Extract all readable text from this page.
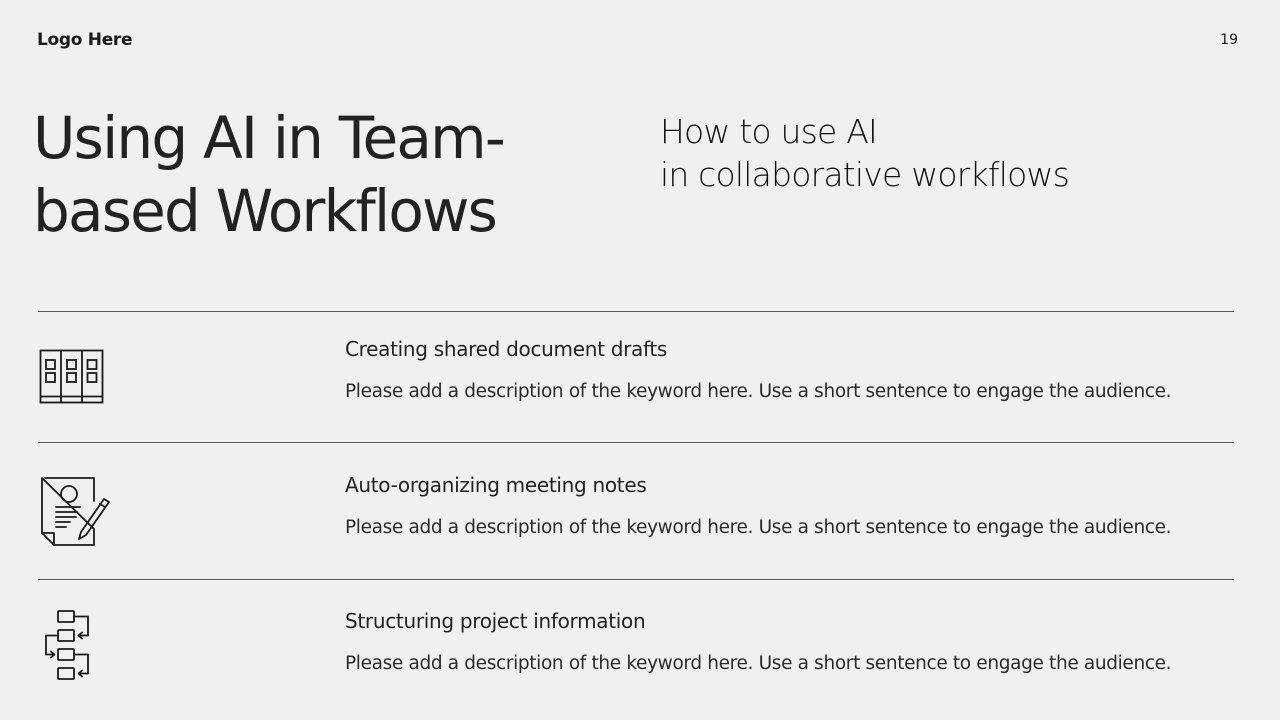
Logo Here	19
Using AI in Team-
based Workflows
How to use AI
in collaborative workflows
Creating shared document drafts
Please add a description of the keyword here. Use a short sentence to engage the audience.
Auto-organizing meeting notes
Please add a description of the keyword here. Use a short sentence to engage the audience.
Structuring project information
Please add a description of the keyword here. Use a short sentence to engage the audience.
